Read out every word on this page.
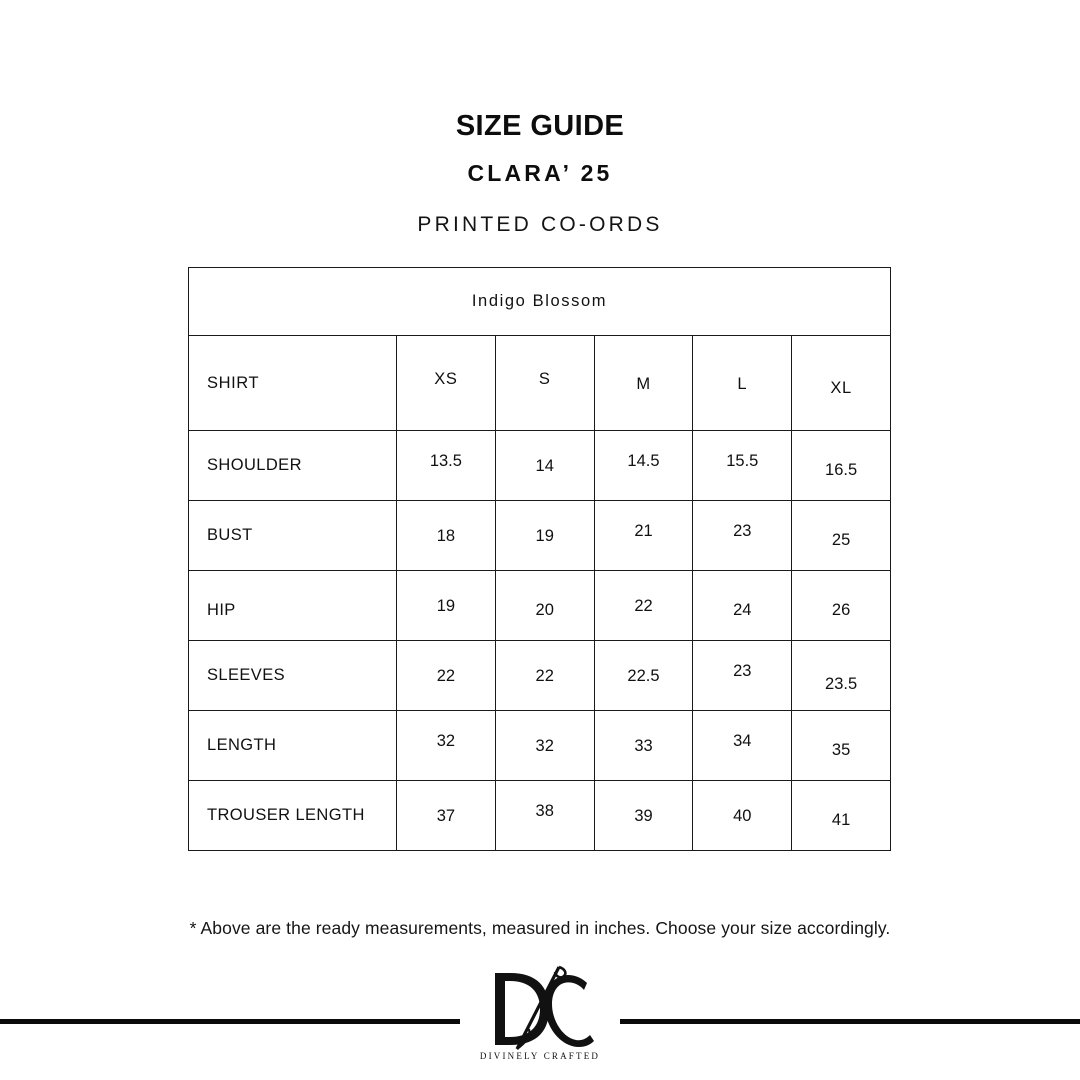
SIZE GUIDE
CLARA’ 25
PRINTED CO-ORDS
Indigo Blossom					
SHIRT	XS	S	M	L	XL
SHOULDER	13.5	14	14.5	15.5	16.5
BUST	18	19	21	23	25
HIP	19	20	22	24	26
SLEEVES	22	22	22.5	23	23.5
LENGTH	32	32	33	34	35
TROUSER LENGTH	37	38	39	40	41
* Above are the ready measurements, measured in inches. Choose your size accordingly.
DIVINELY CRAFTED
